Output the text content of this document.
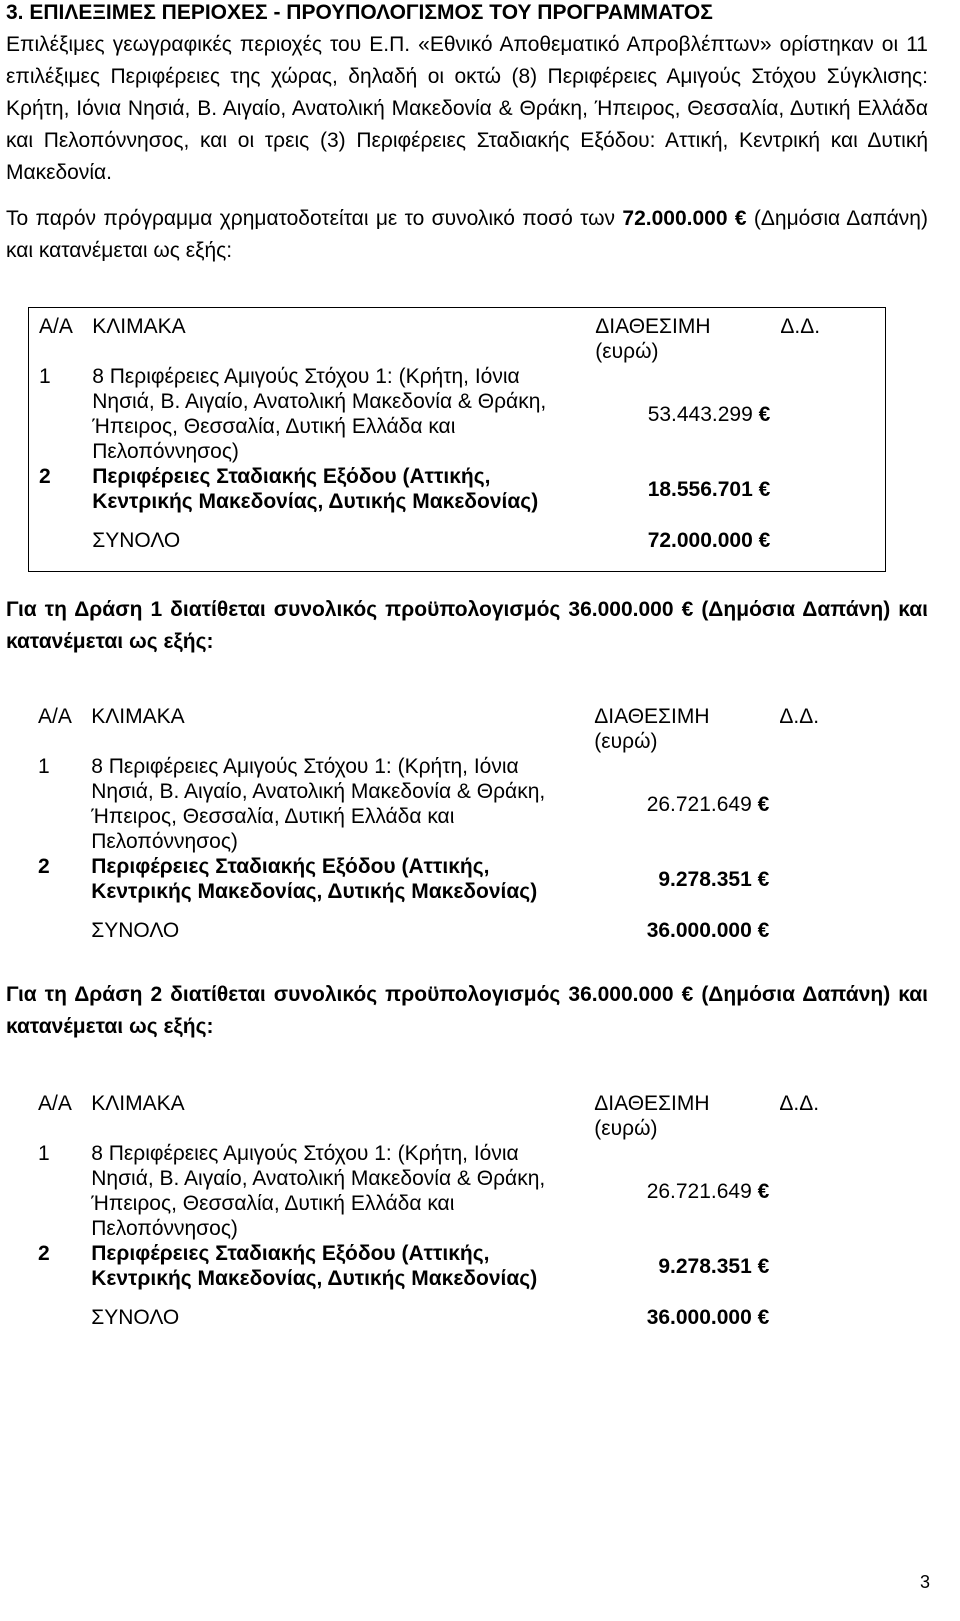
3. ΕΠΙΛΕΞΙΜΕΣ ΠΕΡΙΟΧΕΣ - ΠΡΟΥΠΟΛΟΓΙΣΜΟΣ ΤΟΥ ΠΡΟΓΡΑΜΜΑΤΟΣ
Επιλέξιμες γεωγραφικές περιοχές του Ε.Π. «Εθνικό Αποθεματικό Απροβλέπτων» ορίστηκαν οι 11 επιλέξιμες Περιφέρειες της χώρας, δηλαδή οι οκτώ (8) Περιφέρειες Αμιγούς Στόχου Σύγκλισης: Κρήτη, Ιόνια Νησιά, Β. Αιγαίο, Ανατολική Μακεδονία & Θράκη, Ήπειρος, Θεσσαλία, Δυτική Ελλάδα και Πελοπόννησος, και οι τρεις (3) Περιφέρειες Σταδιακής Εξόδου: Αττική, Κεντρική και Δυτική Μακεδονία.
Το παρόν πρόγραμμα χρηματοδοτείται με το συνολικό ποσό των 72.000.000 € (Δημόσια Δαπάνη) και κατανέμεται ως εξής:
Α/Α	ΚΛΙΜΑΚΑ	ΔΙΑΘΕΣΙΜΗ
(ευρώ)	Δ.Δ.
1	8 Περιφέρειες Αμιγούς Στόχου 1: (Κρήτη, Ιόνια Νησιά, Β. Αιγαίο, Ανατολική Μακεδονία & Θράκη, Ήπειρος, Θεσσαλία, Δυτική Ελλάδα και Πελοπόννησος)	53.443.299 €	
2	Περιφέρειες Σταδιακής Εξόδου (Αττικής, Κεντρικής Μακεδονίας, Δυτικής Μακεδονίας)	18.556.701 €	

	ΣΥΝΟΛΟ	72.000.000 €	
Για τη Δράση 1 διατίθεται συνολικός προϋπολογισμός 36.000.000 € (Δημόσια Δαπάνη) και κατανέμεται ως εξής:
Α/Α	ΚΛΙΜΑΚΑ	ΔΙΑΘΕΣΙΜΗ
(ευρώ)	Δ.Δ.
1	8 Περιφέρειες Αμιγούς Στόχου 1: (Κρήτη, Ιόνια Νησιά, Β. Αιγαίο, Ανατολική Μακεδονία & Θράκη, Ήπειρος, Θεσσαλία, Δυτική Ελλάδα και Πελοπόννησος)	26.721.649 €	
2	Περιφέρειες Σταδιακής Εξόδου (Αττικής, Κεντρικής Μακεδονίας, Δυτικής Μακεδονίας)	9.278.351 €	

	ΣΥΝΟΛΟ	36.000.000 €	
Για τη Δράση 2 διατίθεται συνολικός προϋπολογισμός 36.000.000 € (Δημόσια Δαπάνη) και κατανέμεται ως εξής:
Α/Α	ΚΛΙΜΑΚΑ	ΔΙΑΘΕΣΙΜΗ
(ευρώ)	Δ.Δ.
1	8 Περιφέρειες Αμιγούς Στόχου 1: (Κρήτη, Ιόνια Νησιά, Β. Αιγαίο, Ανατολική Μακεδονία & Θράκη, Ήπειρος, Θεσσαλία, Δυτική Ελλάδα και Πελοπόννησος)	26.721.649 €	
2	Περιφέρειες Σταδιακής Εξόδου (Αττικής, Κεντρικής Μακεδονίας, Δυτικής Μακεδονίας)	9.278.351 €	

	ΣΥΝΟΛΟ	36.000.000 €	
3
